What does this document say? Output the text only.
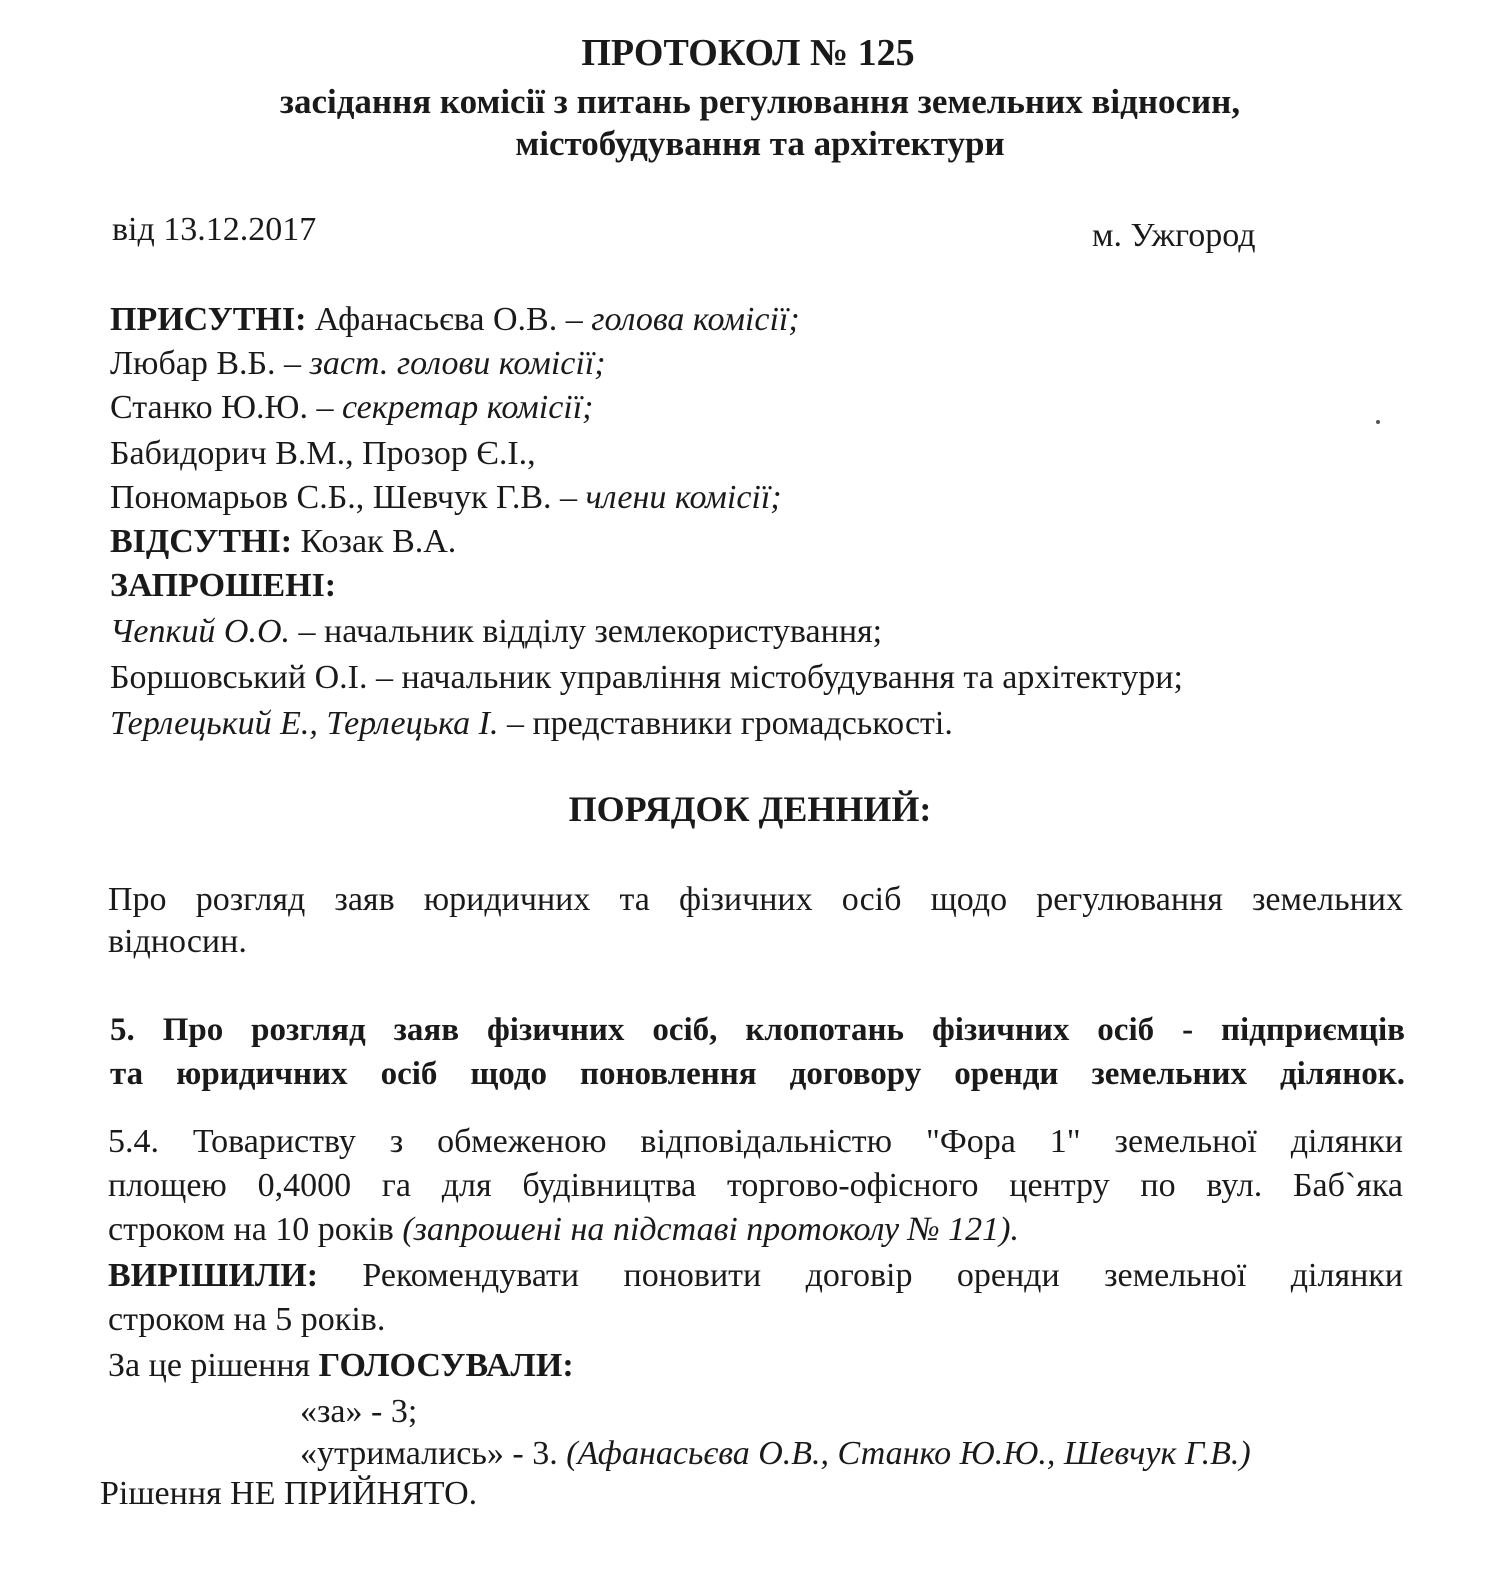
ПРОТОКОЛ № 125
засідання комісії з питань регулювання земельних відносин,
містобудування та архітектури
від 13.12.2017	м. Ужгород
ПРИСУТНІ: Афанасьєва О.В. – голова комісії;
Любар В.Б. – заст. голови комісії;
Станко Ю.Ю. – секретар комісії;
Бабидорич В.М., Прозор Є.І.,
Пономарьов С.Б., Шевчук Г.В. – члени комісії;
ВІДСУТНІ: Козак В.А.
ЗАПРОШЕНІ:
Чепкий О.О. – начальник відділу землекористування;
Боршовський О.І. – начальник управління містобудування та архітектури;
Терлецький Е., Терлецька І. – представники громадськості.
ПОРЯДОК ДЕННИЙ:
Про розгляд заяв юридичних та фізичних осіб щодо регулювання земельних
відносин.
5. Про розгляд заяв фізичних осіб, клопотань фізичних осіб - підприємців
та юридичних осіб щодо поновлення договору оренди земельних ділянок.
5.4. Товариству з обмеженою відповідальністю "Фора 1" земельної ділянки
площею 0,4000 га для будівництва торгово-офісного центру по вул. Баб`яка
строком на 10 років (запрошені на підставі протоколу № 121).
ВИРІШИЛИ: Рекомендувати поновити договір оренди земельної ділянки
строком на 5 років.
За це рішення ГОЛОСУВАЛИ:
«за» - 3;
«утримались» - 3. (Афанасьєва О.В., Станко Ю.Ю., Шевчук Г.В.)
Рішення НЕ ПРИЙНЯТО.
